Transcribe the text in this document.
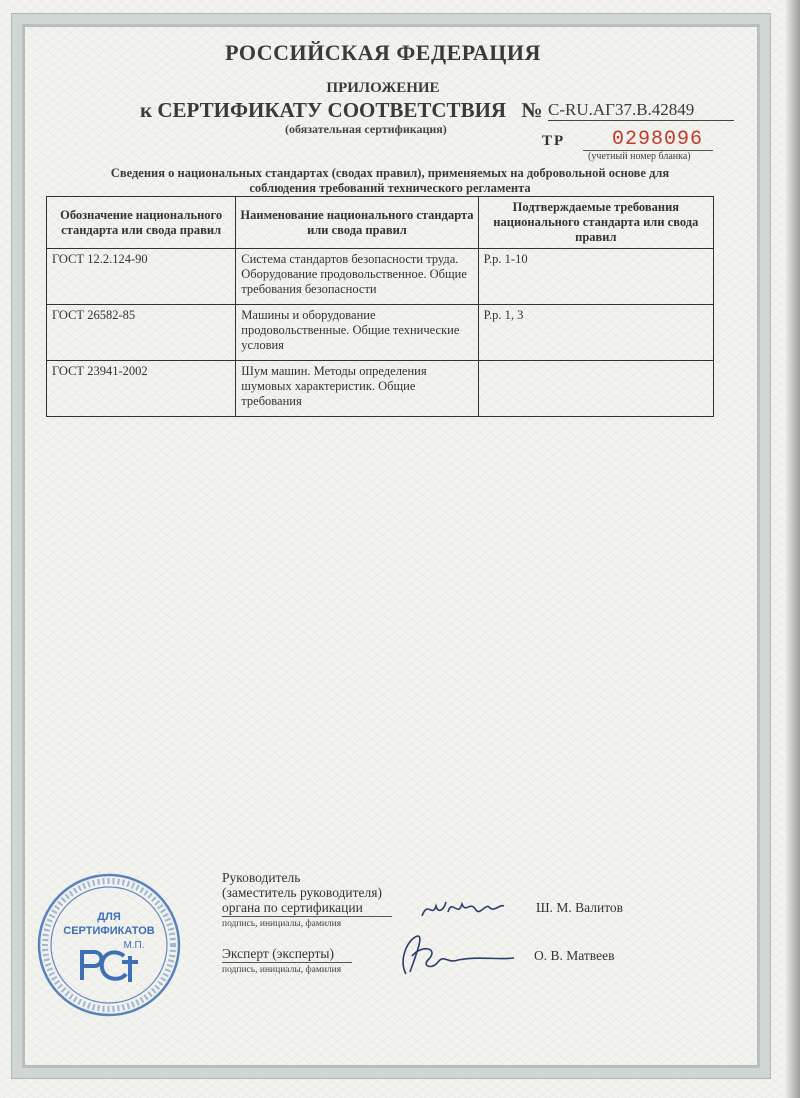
РОССИЙСКАЯ ФЕДЕРАЦИЯ
ПРИЛОЖЕНИЕ
к СЕРТИФИКАТУ СООТВЕТСТВИЯ № С-RU.АГ37.В.42849
(обязательная сертификация)
ТР 0298096
(учетный номер бланка)
Сведения о национальных стандартах (сводах правил), применяемых на добровольной основе для соблюдения требований технического регламента
Обозначение национального стандарта или свода правил	Наименование национального стандарта или свода правил	Подтверждаемые требования национального стандарта или свода правил
ГОСТ 12.2.124-90	Система стандартов безопасности труда. Оборудование продовольственное. Общие требования безопасности	Р.р. 1-10
ГОСТ 26582-85	Машины и оборудование продовольственные. Общие технические условия	Р.р. 1, 3
ГОСТ 23941-2002	Шум машин. Методы определения шумовых характеристик. Общие требования	
Руководитель
(заместитель руководителя)
органа по сертификации
подпись, инициалы, фамилия
Ш. М. Валитов
Эксперт (эксперты)
подпись, инициалы, фамилия
О. В. Матвеев
ДЛЯ
СЕРТИФИКАТОВ
М.П.
